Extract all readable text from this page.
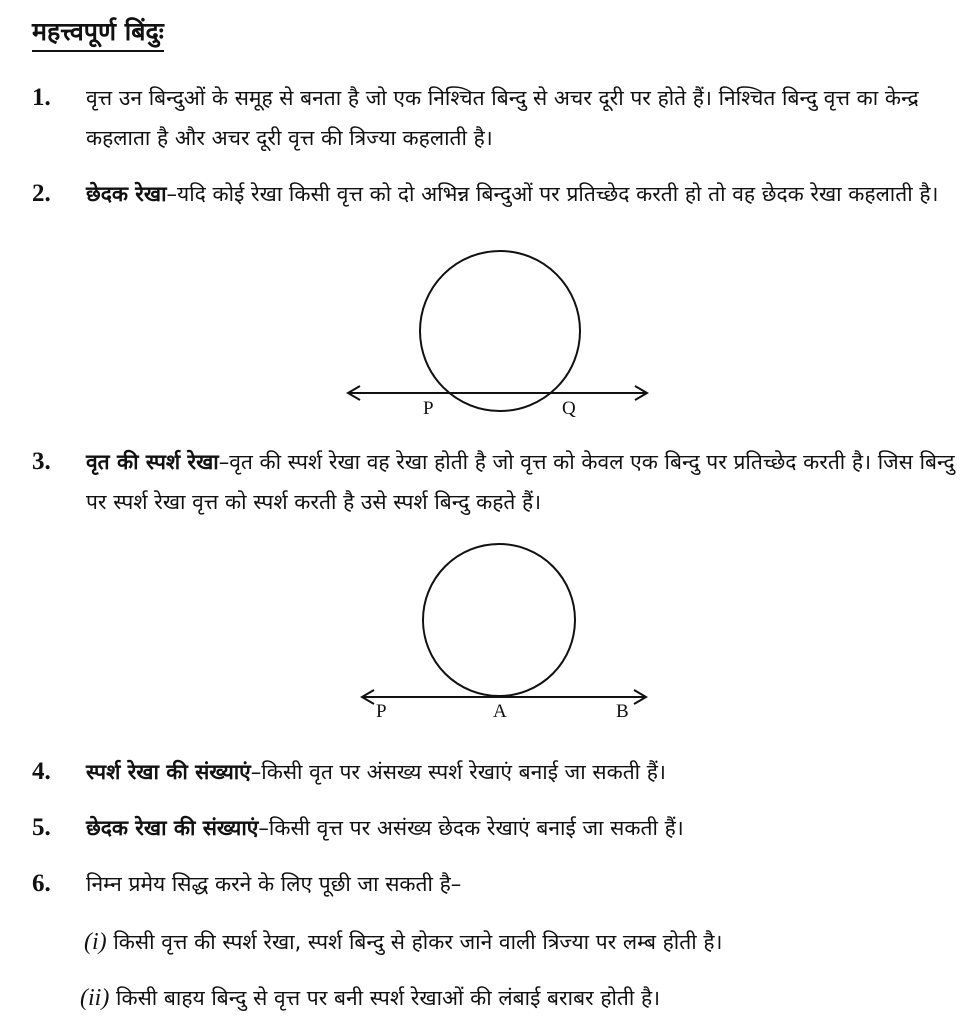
महत्त्वपूर्ण बिंदुः
1. वृत्त उन बिन्दुओं के समूह से बनता है जो एक निश्चित बिन्दु से अचर दूरी पर होते हैं। निश्चित बिन्दु वृत्त का केन्द्र कहलाता है और अचर दूरी वृत्त की त्रिज्या कहलाती है।
2. छेदक रेखा–यदि कोई रेखा किसी वृत्त को दो अभिन्न बिन्दुओं पर प्रतिच्छेद करती हो तो वह छेदक रेखा कहलाती है।
P	Q
P	A	B
3. वृत की स्पर्श रेखा–वृत की स्पर्श रेखा वह रेखा होती है जो वृत्त को केवल एक बिन्दु पर प्रतिच्छेद करती है। जिस बिन्दु पर स्पर्श रेखा वृत्त को स्पर्श करती है उसे स्पर्श बिन्दु कहते हैं।
4. स्पर्श रेखा की संख्याएं–किसी वृत पर अंसख्य स्पर्श रेखाएं बनाई जा सकती हैं।
5. छेदक रेखा की संख्याएं–किसी वृत्त पर असंख्य छेदक रेखाएं बनाई जा सकती हैं।
6. निम्न प्रमेय सिद्ध करने के लिए पूछी जा सकती है–
(i) किसी वृत्त की स्पर्श रेखा, स्पर्श बिन्दु से होकर जाने वाली त्रिज्या पर लम्ब होती है।
(ii) किसी बाहय बिन्दु से वृत्त पर बनी स्पर्श रेखाओं की लंबाई बराबर होती है।
